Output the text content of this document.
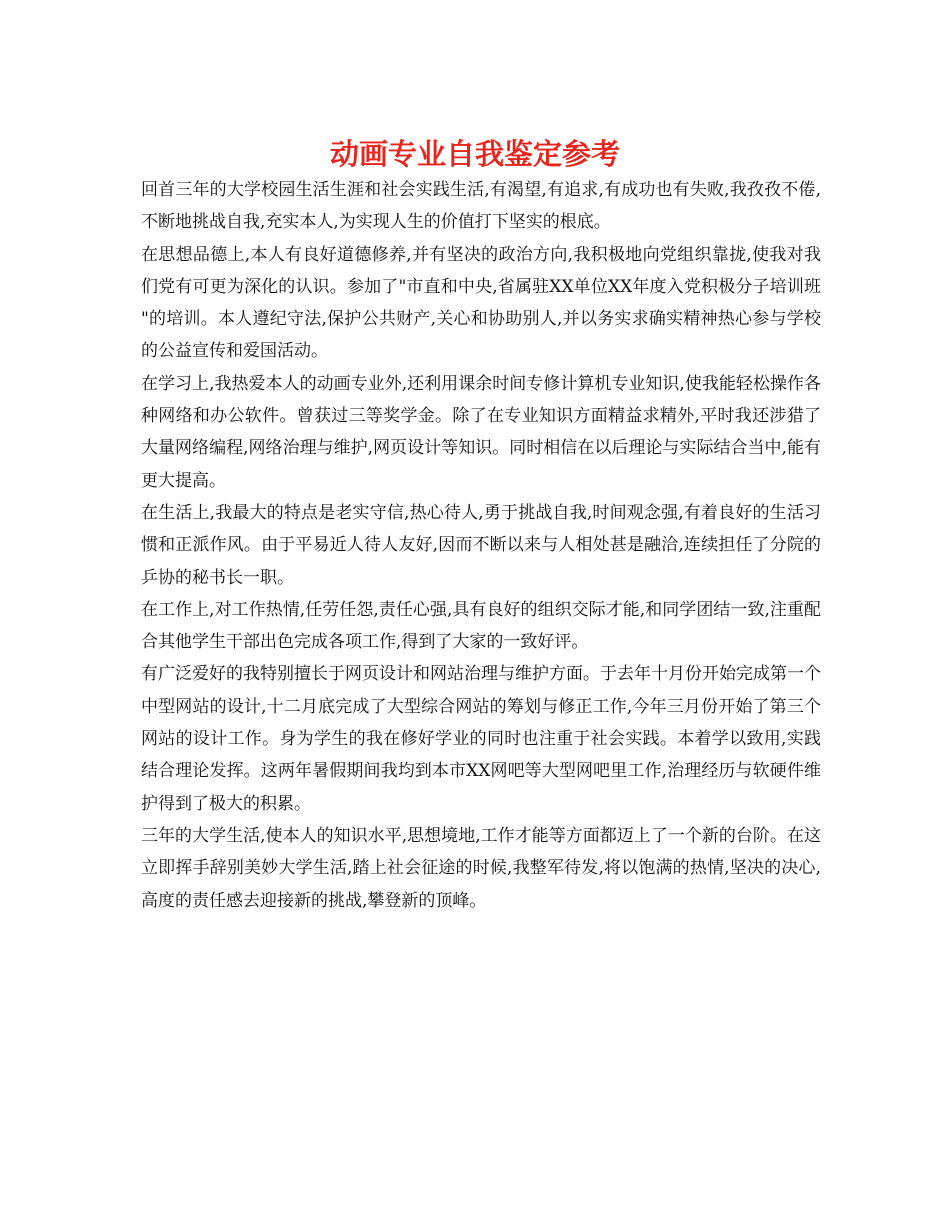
动画专业自我鉴定参考

回首三年的大学校园生活生涯和社会实践生活,有渴望,有追求,有成功也有失败,我孜孜不倦,不断地挑战自我,充实本人,为实现人生的价值打下坚实的根底。

在思想品德上,本人有良好道德修养,并有坚决的政治方向,我积极地向党组织靠拢,使我对我们党有可更为深化的认识。参加了"市直和中央,省属驻XX单位XX年度入党积极分子培训班"的培训。本人遵纪守法,保护公共财产,关心和协助别人,并以务实求确实精神热心参与学校的公益宣传和爱国活动。

在学习上,我热爱本人的动画专业外,还利用课余时间专修计算机专业知识,使我能轻松操作各种网络和办公软件。曾获过三等奖学金。除了在专业知识方面精益求精外,平时我还涉猎了大量网络编程,网络治理与维护,网页设计等知识。同时相信在以后理论与实际结合当中,能有更大提高。

在生活上,我最大的特点是老实守信,热心待人,勇于挑战自我,时间观念强,有着良好的生活习惯和正派作风。由于平易近人待人友好,因而不断以来与人相处甚是融洽,连续担任了分院的乒协的秘书长一职。

在工作上,对工作热情,任劳任怨,责任心强,具有良好的组织交际才能,和同学团结一致,注重配合其他学生干部出色完成各项工作,得到了大家的一致好评。

有广泛爱好的我特别擅长于网页设计和网站治理与维护方面。于去年十月份开始完成第一个中型网站的设计,十二月底完成了大型综合网站的筹划与修正工作,今年三月份开始了第三个网站的设计工作。身为学生的我在修好学业的同时也注重于社会实践。本着学以致用,实践结合理论发挥。这两年暑假期间我均到本市XX网吧等大型网吧里工作,治理经历与软硬件维护得到了极大的积累。

三年的大学生活,使本人的知识水平,思想境地,工作才能等方面都迈上了一个新的台阶。在这立即挥手辞别美妙大学生活,踏上社会征途的时候,我整军待发,将以饱满的热情,坚决的决心,高度的责任感去迎接新的挑战,攀登新的顶峰。
